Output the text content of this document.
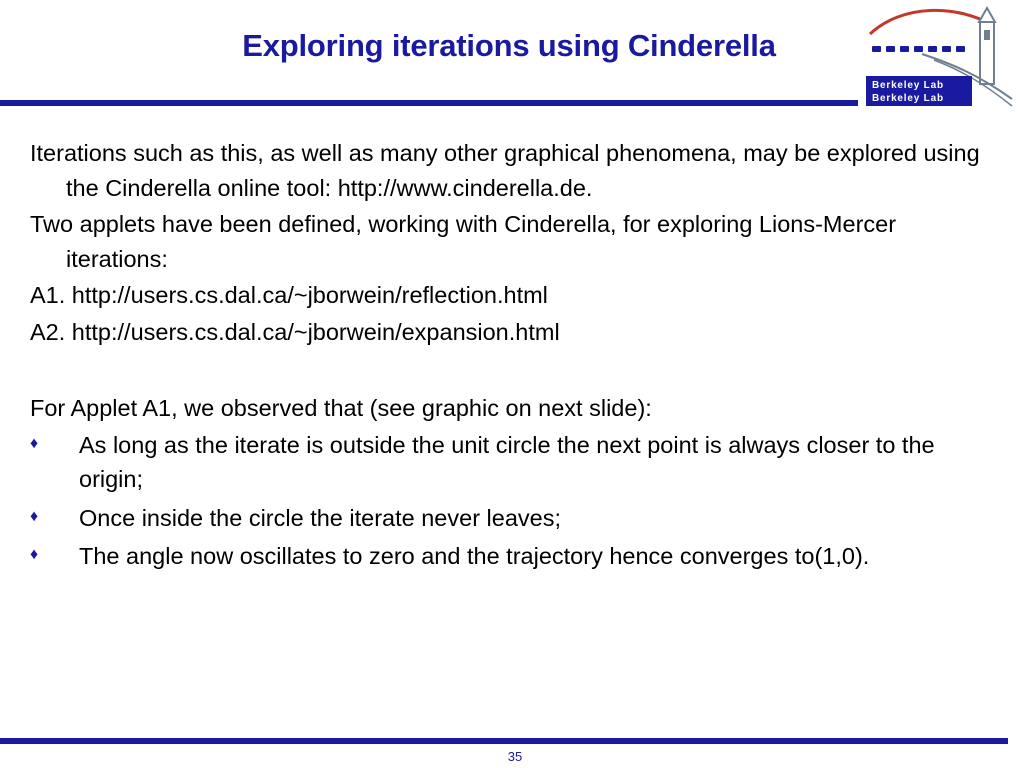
Exploring iterations using Cinderella
Berkeley Lab
Berkeley Lab

Iterations such as this, as well as many other graphical phenomena, may be explored using the Cinderella online tool: http://www.cinderella.de.

Two applets have been defined, working with Cinderella, for exploring Lions-Mercer iterations:

A1. http://users.cs.dal.ca/~jborwein/reflection.html

A2. http://users.cs.dal.ca/~jborwein/expansion.html

For Applet A1, we observed that (see graphic on next slide):

♦	As long as the iterate is outside the unit circle the next point is always closer to the origin;
♦	Once inside the circle the iterate never leaves;
♦	The angle now oscillates to zero and the trajectory hence converges to(1,0).
35
